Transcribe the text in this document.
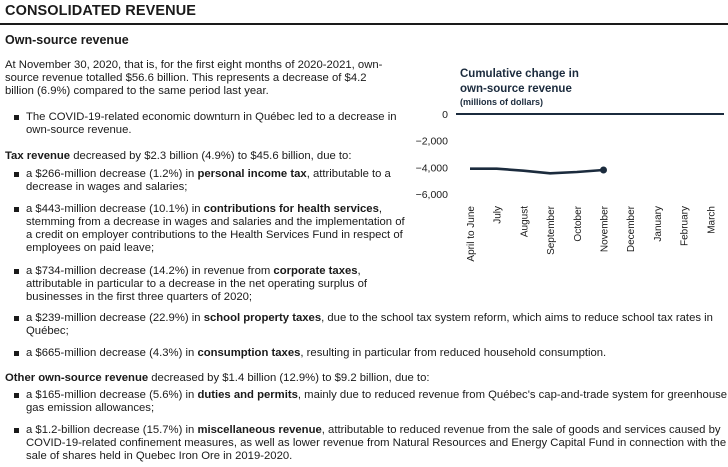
CONSOLIDATED REVENUE
Own-source revenue
At November 30, 2020, that is, for the first eight months of 2020-2021, own-source revenue totalled $56.6 billion. This represents a decrease of $4.2 billion (6.9%) compared to the same period last year.
The COVID-19-related economic downturn in Québec led to a decrease in own-source revenue.
Tax revenue decreased by $2.3 billion (4.9%) to $45.6 billion, due to:
a $266-million decrease (1.2%) in personal income tax, attributable to a decrease in wages and salaries;
a $443-million decrease (10.1%) in contributions for health services, stemming from a decrease in wages and salaries and the implementation of a credit on employer contributions to the Health Services Fund in respect of employees on paid leave;
a $734-million decrease (14.2%) in revenue from corporate taxes, attributable in particular to a decrease in the net operating surplus of businesses in the first three quarters of 2020;
a $239-million decrease (22.9%) in school property taxes, due to the school tax system reform, which aims to reduce school tax rates in Québec;
a $665-million decrease (4.3%) in consumption taxes, resulting in particular from reduced household consumption.
Other own-source revenue decreased by $1.4 billion (12.9%) to $9.2 billion, due to:
a $165-million decrease (5.6%) in duties and permits, mainly due to reduced revenue from Québec's cap-and-trade system for greenhouse gas emission allowances;
a $1.2-billion decrease (15.7%) in miscellaneous revenue, attributable to reduced revenue from the sale of goods and services caused by COVID-19-related confinement measures, as well as lower revenue from Natural Resources and Energy Capital Fund in connection with the sale of shares held in Quebec Iron Ore in 2019-2020.
Cumulative change in
own-source revenue
(millions of dollars)
0
−2,000
−4,000
−6,000
April to June July August September October November December January February March
